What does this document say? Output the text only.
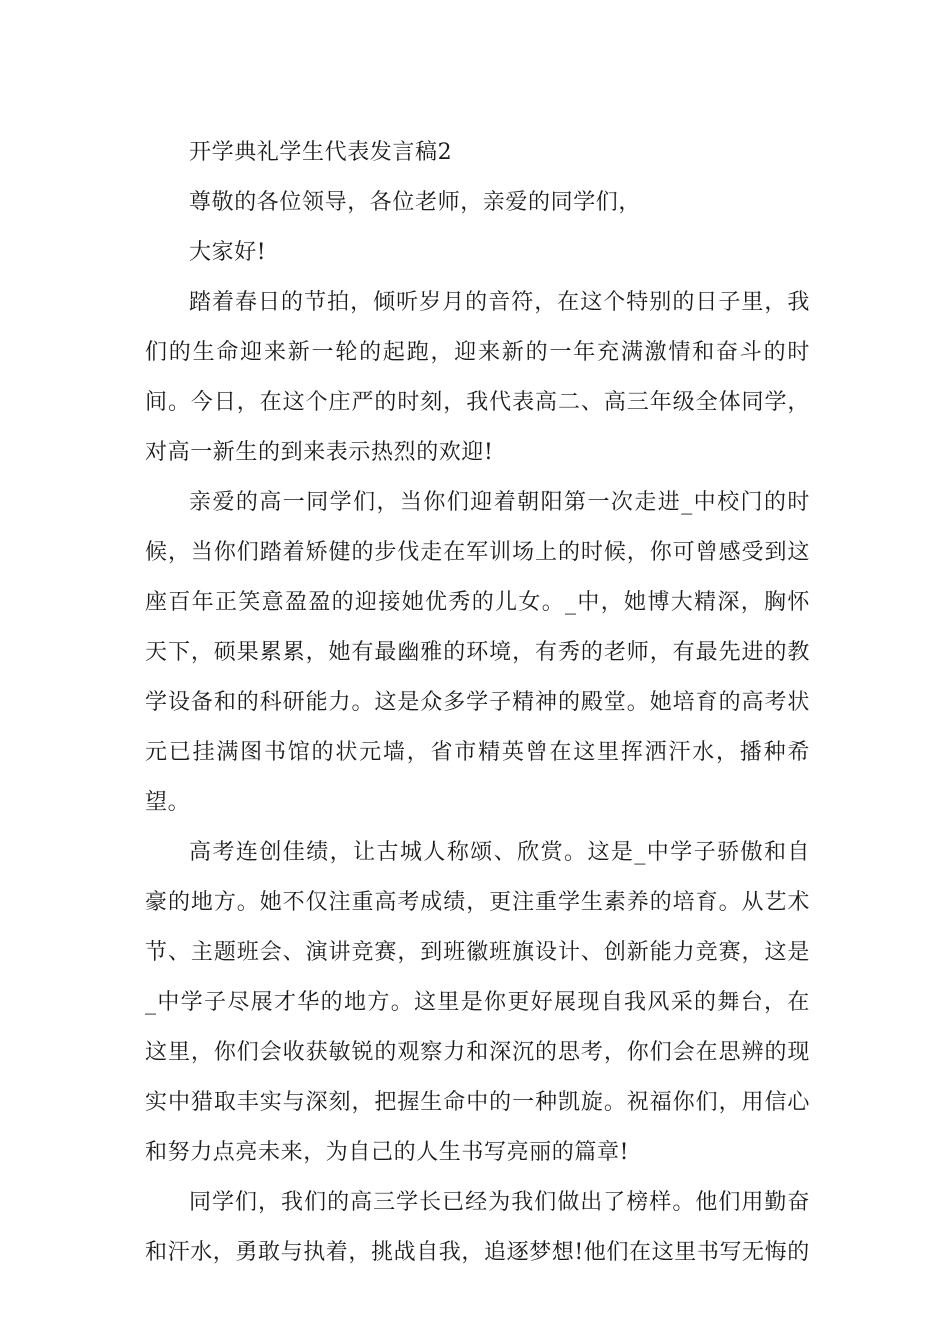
开学典礼学生代表发言稿2

尊敬的各位领导，各位老师，亲爱的同学们，

大家好!

踏着春日的节拍，倾听岁月的音符，在这个特别的日子里，我们的生命迎来新一轮的起跑，迎来新的一年充满激情和奋斗的时间。今日，在这个庄严的时刻，我代表高二、高三年级全体同学，对高一新生的到来表示热烈的欢迎!

亲爱的高一同学们，当你们迎着朝阳第一次走进_中校门的时候，当你们踏着矫健的步伐走在军训场上的时候，你可曾感受到这座百年正笑意盈盈的迎接她优秀的儿女。_中，她博大精深，胸怀天下，硕果累累，她有最幽雅的环境，有秀的老师，有最先进的教学设备和的科研能力。这是众多学子精神的殿堂。她培育的高考状元已挂满图书馆的状元墙，省市精英曾在这里挥洒汗水，播种希望。

高考连创佳绩，让古城人称颂、欣赏。这是_中学子骄傲和自豪的地方。她不仅注重高考成绩，更注重学生素养的培育。从艺术节、主题班会、演讲竞赛，到班徽班旗设计、创新能力竞赛，这是_中学子尽展才华的地方。这里是你更好展现自我风采的舞台，在这里，你们会收获敏锐的观察力和深沉的思考，你们会在思辨的现实中猎取丰实与深刻，把握生命中的一种凯旋。祝福你们，用信心和努力点亮未来，为自己的人生书写亮丽的篇章!

同学们，我们的高三学长已经为我们做出了榜样。他们用勤奋和汗水，勇敢与执着，挑战自我，追逐梦想!他们在这里书写无悔的
